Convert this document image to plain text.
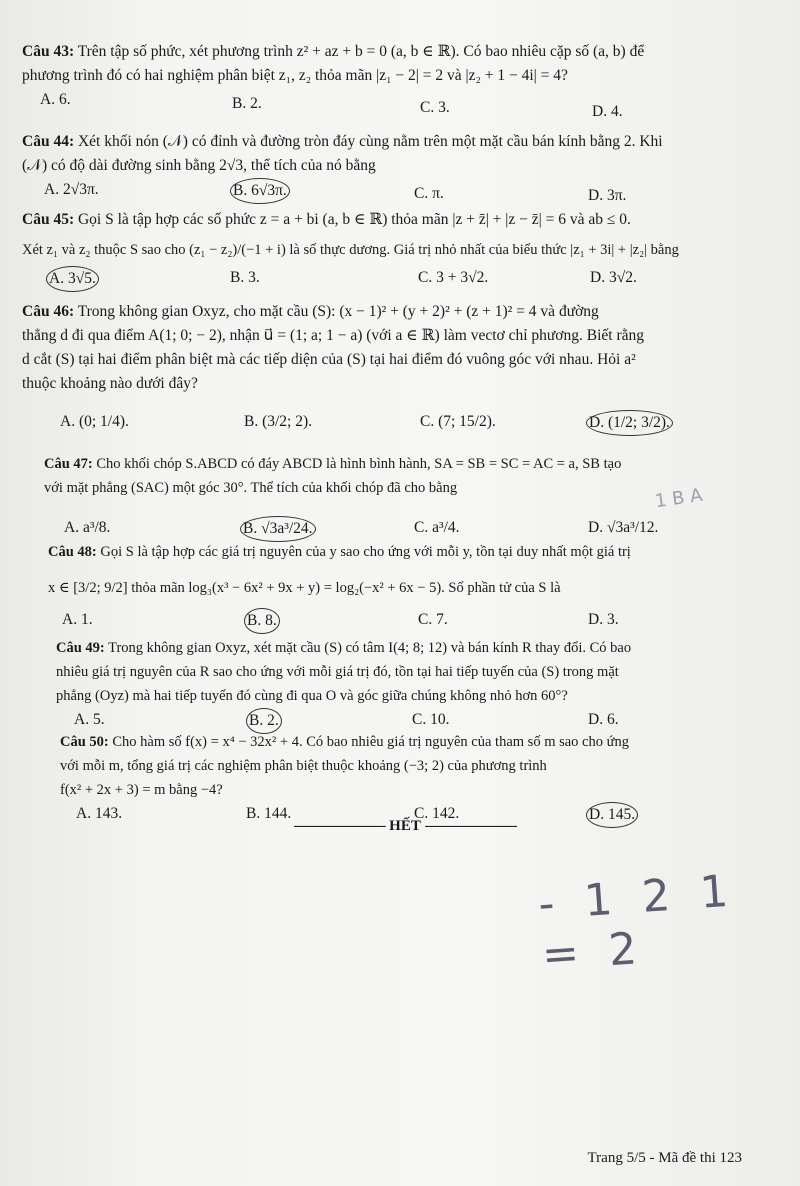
Câu 43: Trên tập số phức, xét phương trình z² + az + b = 0 (a, b ∈ ℝ). Có bao nhiêu cặp số (a, b) để
phương trình đó có hai nghiệm phân biệt z₁, z₂ thỏa mãn |z₁ − 2| = 2 và |z₂ + 1 − 4i| = 4?
A. 6.	B. 2.	C. 3.	D. 4.
Câu 44: Xét khối nón (𝒩) có đỉnh và đường tròn đáy cùng nằm trên một mặt cầu bán kính bằng 2. Khi
(𝒩) có độ dài đường sinh bằng 2√3, thể tích của nó bằng
A. 2√3π.	B. 6√3π.	C. π.	D. 3π.
Câu 45: Gọi S là tập hợp các số phức z = a + bi (a, b ∈ ℝ) thỏa mãn |z + z̄| + |z − z̄| = 6 và ab ≤ 0.
Xét z₁ và z₂ thuộc S sao cho (z₁ − z₂)/(−1 + i) là số thực dương. Giá trị nhỏ nhất của biểu thức |z₁ + 3i| + |z₂| bằng
A. 3√5.	B. 3.	C. 3 + 3√2.	D. 3√2.
Câu 46: Trong không gian Oxyz, cho mặt cầu (S): (x − 1)² + (y + 2)² + (z + 1)² = 4 và đường
thẳng d đi qua điểm A(1; 0; − 2), nhận u⃗ = (1; a; 1 − a) (với a ∈ ℝ) làm vectơ chỉ phương. Biết rằng
d cắt (S) tại hai điểm phân biệt mà các tiếp diện của (S) tại hai điểm đó vuông góc với nhau. Hỏi a²
thuộc khoảng nào dưới đây?
A. (0; 1/4).	B. (3/2; 2).	C. (7; 15/2).	D. (1/2; 3/2).
Câu 47: Cho khối chóp S.ABCD có đáy ABCD là hình bình hành, SA = SB = SC = AC = a, SB tạo
với mặt phẳng (SAC) một góc 30°. Thể tích của khối chóp đã cho bằng
A. a³/8.	B. √3a³/24.	C. a³/4.	D. √3a³/12.
1 B A
Câu 48: Gọi S là tập hợp các giá trị nguyên của y sao cho ứng với mỗi y, tồn tại duy nhất một giá trị
x ∈ [3/2; 9/2] thỏa mãn log₃(x³ − 6x² + 9x + y) = log₂(−x² + 6x − 5). Số phần tử của S là
A. 1.	B. 8.	C. 7.	D. 3.
Câu 49: Trong không gian Oxyz, xét mặt cầu (S) có tâm I(4; 8; 12) và bán kính R thay đổi. Có bao
nhiêu giá trị nguyên của R sao cho ứng với mỗi giá trị đó, tồn tại hai tiếp tuyến của (S) trong mặt
phẳng (Oyz) mà hai tiếp tuyến đó cùng đi qua O và góc giữa chúng không nhỏ hơn 60°?
A. 5.	B. 2.	C. 10.	D. 6.
Câu 50: Cho hàm số f(x) = x⁴ − 32x² + 4. Có bao nhiêu giá trị nguyên của tham số m sao cho ứng
với mỗi m, tổng giá trị các nghiệm phân biệt thuộc khoảng (−3; 2) của phương trình
f(x² + 2x + 3) = m bằng −4?
A. 143.	B. 144.	C. 142.	D. 145.
----------------------- HẾT -----------------------
- 1 2 1 = 2
Trang 5/5 - Mã đề thi 123
